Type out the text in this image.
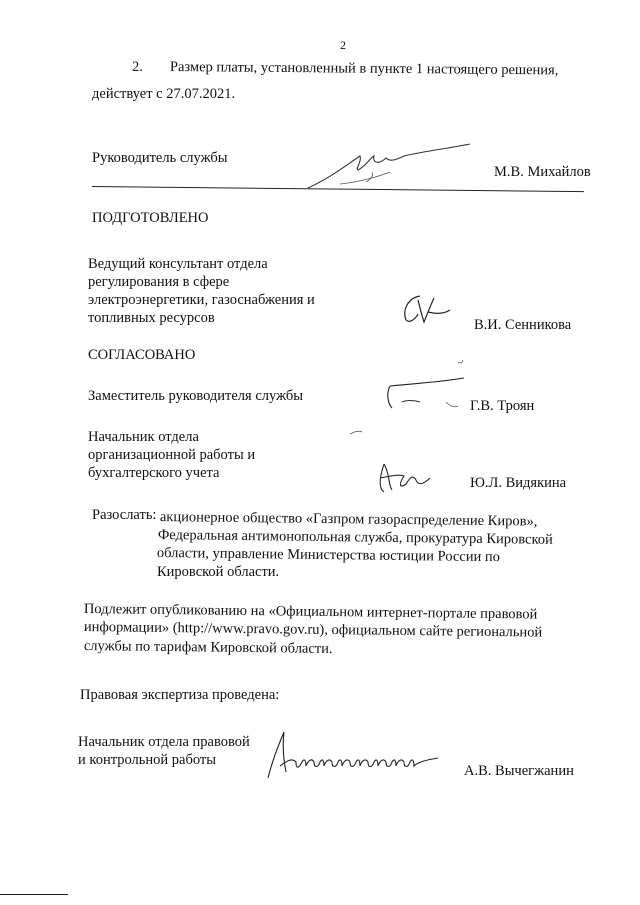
2
2. Размер платы, установленный в пункте 1 настоящего решения,
действует с 27.07.2021.
Руководитель службы
М.В. Михайлов
ПОДГОТОВЛЕНО
Ведущий консультант отдела
регулирования в сфере
электроэнергетики, газоснабжения и
топливных ресурсов	В.И. Сенникова
СОГЛАСОВАНО
Заместитель руководителя службы
Г.В. Троян
Начальник отдела
организационной работы и
бухгалтерского учета
Ю.Л. Видякина
Разослать: акционерное общество «Газпром газораспределение Киров»,
Федеральная антимонопольная служба, прокуратура Кировской
области, управление Министерства юстиции России по
Кировской области.
Подлежит опубликованию на «Официальном интернет-портале правовой
информации» (http://www.pravo.gov.ru), официальном сайте региональной
службы по тарифам Кировской области.
Правовая экспертиза проведена:
Начальник отдела правовой
и контрольной работы
А.В. Вычегжанин
